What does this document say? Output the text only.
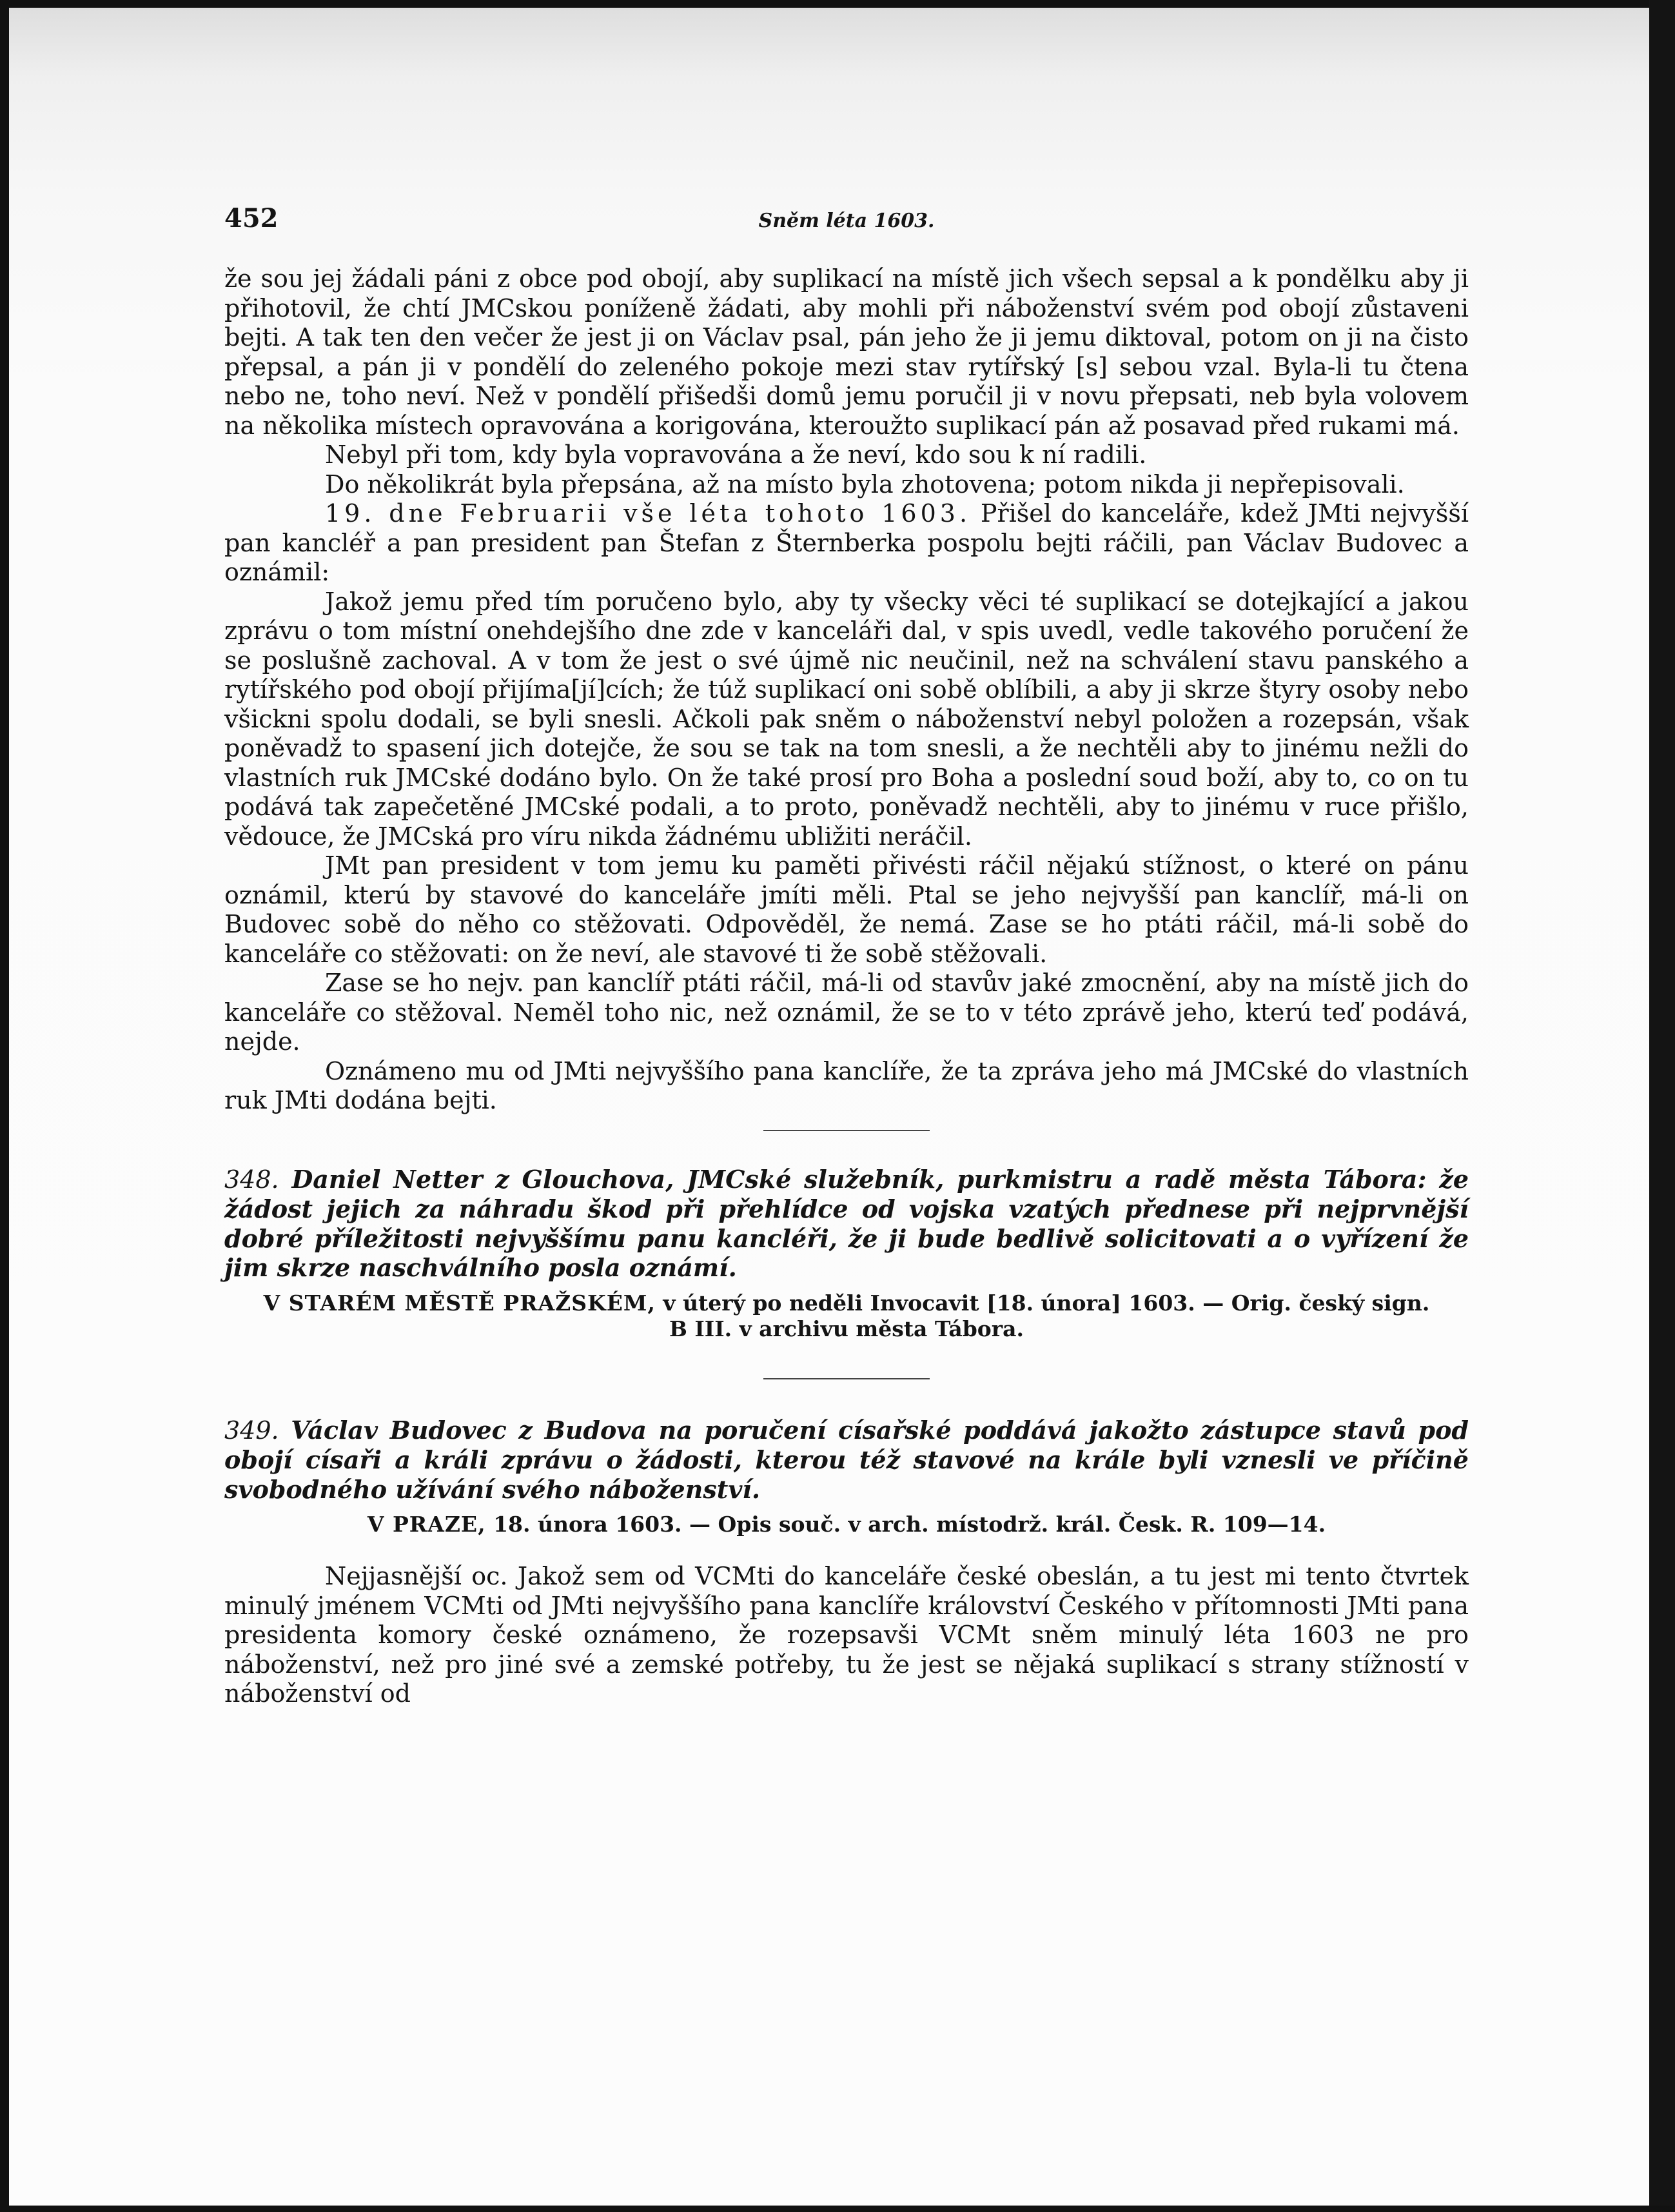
452	Sněm léta 1603.

že sou jej žádali páni z obce pod obojí, aby suplikací na místě jich všech sepsal a k pondělku aby ji přihotovil, že chtí JMCskou poníženě žádati, aby mohli při náboženství svém pod obojí zůstaveni bejti. A tak ten den večer že jest ji on Václav psal, pán jeho že ji jemu diktoval, potom on ji na čisto přepsal, a pán ji v pondělí do zeleného pokoje mezi stav rytířský [s] sebou vzal. Byla-li tu čtena nebo ne, toho neví. Než v pondělí přišedši domů jemu poručil ji v novu přepsati, neb byla volovem na několika místech opravována a korigována, kteroužto suplikací pán až posavad před rukami má.

Nebyl při tom, kdy byla vopravována a že neví, kdo sou k ní radili.

Do několikrát byla přepsána, až na místo byla zhotovena; potom nikda ji nepřepisovali.

19. dne Februarii vše léta tohoto 1603. Přišel do kanceláře, kdež JMti nejvyšší pan kancléř a pan president pan Štefan z Šternberka pospolu bejti ráčili, pan Václav Budovec a oznámil:

Jakož jemu před tím poručeno bylo, aby ty všecky věci té suplikací se dotejkající a jakou zprávu o tom místní onehdejšího dne zde v kanceláři dal, v spis uvedl, vedle takového poručení že se poslušně zachoval. A v tom že jest o své újmě nic neučinil, než na schválení stavu panského a rytířského pod obojí přijíma[jí]cích; že túž suplikací oni sobě oblíbili, a aby ji skrze štyry osoby nebo všickni spolu dodali, se byli snesli. Ačkoli pak sněm o náboženství nebyl položen a rozepsán, však poněvadž to spasení jich dotejče, že sou se tak na tom snesli, a že nechtěli aby to jinému nežli do vlastních ruk JMCské dodáno bylo. On že také prosí pro Boha a poslední soud boží, aby to, co on tu podává tak zapečetěné JMCské podali, a to proto, poněvadž nechtěli, aby to jinému v ruce přišlo, vědouce, že JMCská pro víru nikda žádnému ubližiti neráčil.

JMt pan president v tom jemu ku paměti přivésti ráčil nějakú stížnost, o které on pánu oznámil, kterú by stavové do kanceláře jmíti měli. Ptal se jeho nejvyšší pan kanclíř, má-li on Budovec sobě do něho co stěžovati. Odpověděl, že nemá. Zase se ho ptáti ráčil, má-li sobě do kanceláře co stěžovati: on že neví, ale stavové ti že sobě stěžovali.

Zase se ho nejv. pan kanclíř ptáti ráčil, má-li od stavův jaké zmocnění, aby na místě jich do kanceláře co stěžoval. Neměl toho nic, než oznámil, že se to v této zprávě jeho, kterú teď podává, nejde.

Oznámeno mu od JMti nejvyššího pana kanclíře, že ta zpráva jeho má JMCské do vlastních ruk JMti dodána bejti.

348. Daniel Netter z Glouchova, JMCské služebník, purkmistru a radě města Tábora: že žádost jejich za náhradu škod při přehlídce od vojska vzatých přednese při nejprvnější dobré příležitosti nejvyššímu panu kancléři, že ji bude bedlivě solicitovati a o vyřízení že jim skrze naschválního posla oznámí.

V STARÉM MĚSTĚ PRAŽSKÉM, v úterý po neděli Invocavit [18. února] 1603. — Orig. český sign. B III. v archivu města Tábora.

349. Václav Budovec z Budova na poručení císařské poddává jakožto zástupce stavů pod obojí císaři a králi zprávu o žádosti, kterou též stavové na krále byli vznesli ve příčině svobodného užívání svého náboženství.

V PRAZE, 18. února 1603. — Opis souč. v arch. místodrž. král. Česk. R. 109—14.

Nejjasnější oc. Jakož sem od VCMti do kanceláře české obeslán, a tu jest mi tento čtvrtek minulý jménem VCMti od JMti nejvyššího pana kanclíře království Českého v přítomnosti JMti pana presidenta komory české oznámeno, že rozepsavši VCMt sněm minulý léta 1603 ne pro náboženství, než pro jiné své a zemské potřeby, tu že jest se nějaká suplikací s strany stížností v náboženství od
